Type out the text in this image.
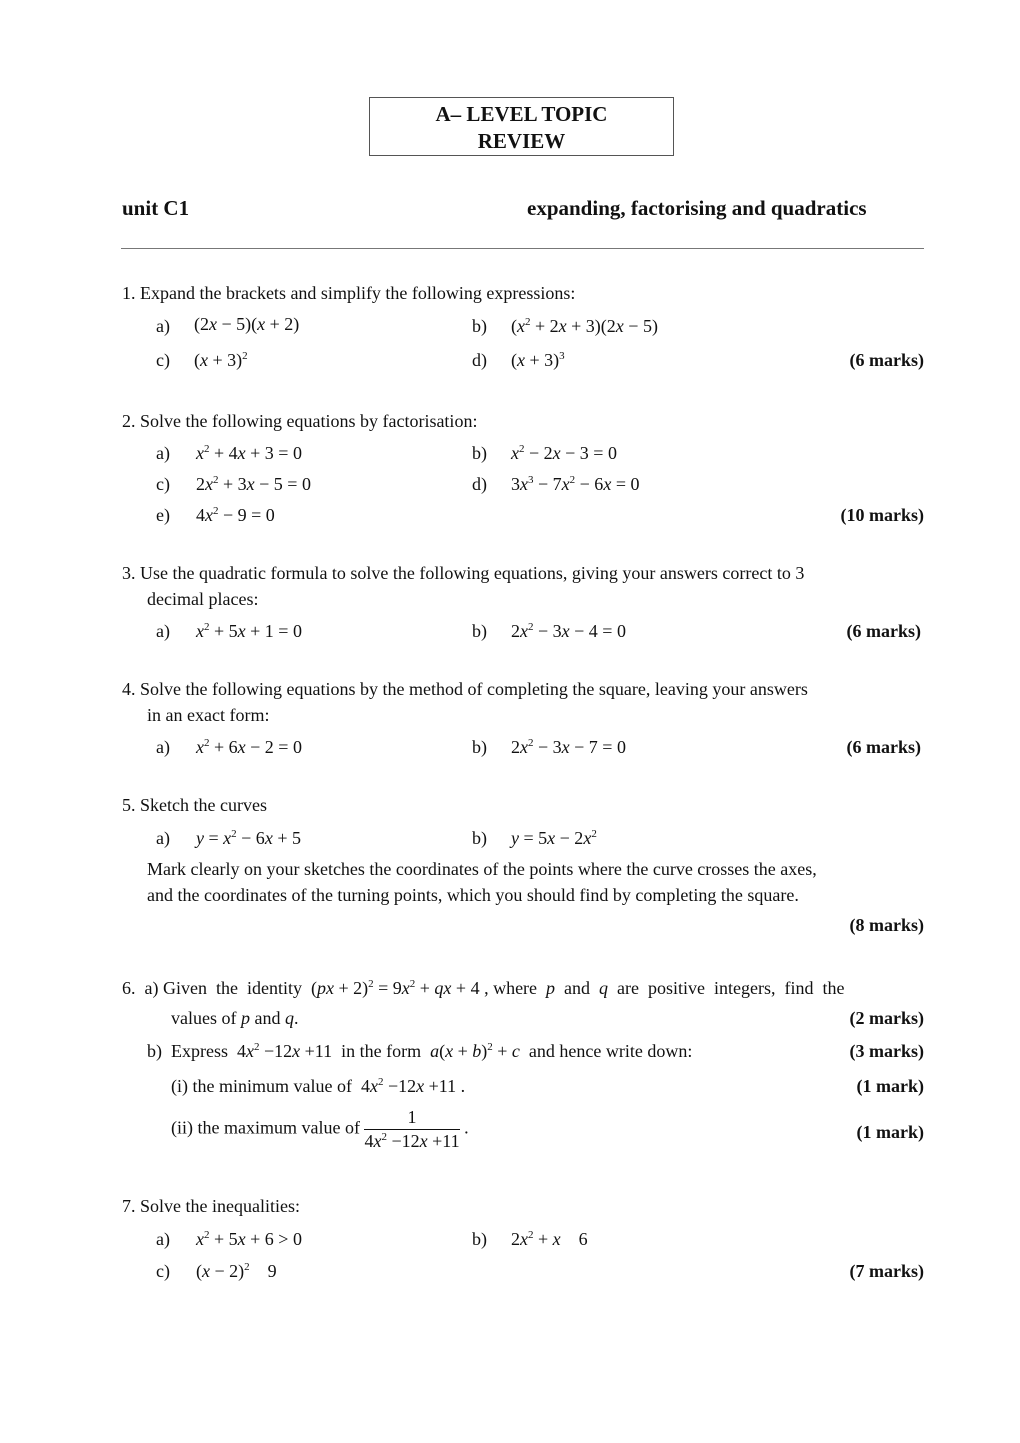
A– LEVEL TOPIC
REVIEW
unit C1	expanding, factorising and quadratics
1. Expand the brackets and simplify the following expressions:
a) (2x − 5)(x + 2)	b) $(x^2 + 2x + 3)(2x - 5)$
c) $(x + 3)^2$	d) $(x + 3)^3$	(6 marks)
2. Solve the following equations by factorisation:
a) $x^2 + 4x + 3 = 0$	b) $x^2 - 2x - 3 = 0$
c) $2x^2 + 3x - 5 = 0$	d) $3x^3 - 7x^2 - 6x = 0$
e) $4x^2 - 9 = 0$	(10 marks)
3. Use the quadratic formula to solve the following equations, giving your answers correct to 3
decimal places:
a) $x^2 + 5x + 1 = 0$	b) $2x^2 - 3x - 4 = 0$	(6 marks)
4. Solve the following equations by the method of completing the square, leaving your answers
in an exact form:
a) $x^2 + 6x - 2 = 0$	b) $2x^2 - 3x - 7 = 0$	(6 marks)
5. Sketch the curves
a) $y = x^2 - 6x + 5$	b) $y = 5x - 2x^2$
Mark clearly on your sketches the coordinates of the points where the curve crosses the axes,
and the coordinates of the turning points, which you should find by completing the square.
(8 marks)
6.  a) Given  the  identity  $(px + 2)^2 = 9x^2$ + qx + 4 , where  p  and  q  are  positive  integers,  find  the
values of p and q.	(2 marks)
b)  Express  $4x^2 -12x +11$  in the form  $a(x + b)^2 + c$  and hence write down:	(3 marks)
(i) the minimum value of  $4x^2 -12x +11$ .	(1 mark)
(ii) the maximum value of $\frac{1}{4x^2 -12x +11}$ .	(1 mark)
7. Solve the inequalities:
a) $x^2 + 5x + 6 > 0$	b) $2x^2 + x$    6
c) $(x - 2)^2$    9	(7 marks)
